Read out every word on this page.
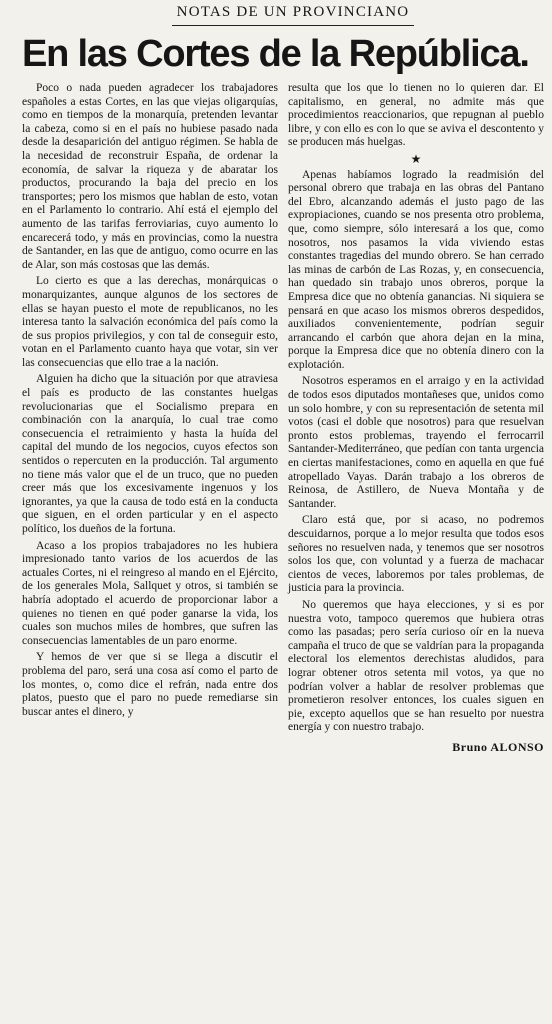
NOTAS DE UN PROVINCIANO
En las Cortes de la República.

Poco o nada pueden agradecer los trabajadores españoles a estas Cortes, en las que viejas oligarquías, como en tiempos de la monarquía, pretenden levantar la cabeza, como si en el país no hubiese pasado nada desde la desaparición del antiguo régimen. Se habla de la necesidad de reconstruir España, de ordenar la economía, de salvar la riqueza y de abaratar los productos, procurando la baja del precio en los transportes; pero los mismos que hablan de esto, votan en el Parlamento lo contrario. Ahí está el ejemplo del aumento de las tarifas ferroviarias, cuyo aumento lo encarecerá todo, y más en provincias, como la nuestra de Santander, en las que de antiguo, como ocurre en las de Alar, son más costosas que las demás.

Lo cierto es que a las derechas, monárquicas o monarquizantes, aunque algunos de los sectores de ellas se hayan puesto el mote de republicanos, no les interesa tanto la salvación económica del país como la de sus propios privilegios, y con tal de conseguir esto, votan en el Parlamento cuanto haya que votar, sin ver las consecuencias que ello trae a la nación.

Alguien ha dicho que la situación por que atraviesa el país es producto de las constantes huelgas revolucionarias que el Socialismo prepara en combinación con la anarquía, lo cual trae como consecuencia el retraimiento y hasta la huída del capital del mundo de los negocios, cuyos efectos son sentidos o repercuten en la producción. Tal argumento no tiene más valor que el de un truco, que no pueden creer más que los excesivamente ingenuos y los ignorantes, ya que la causa de todo está en la conducta que siguen, en el orden particular y en el aspecto político, los dueños de la fortuna.

Acaso a los propios trabajadores no les hubiera impresionado tanto varios de los acuerdos de las actuales Cortes, ni el reingreso al mando en el Ejército, de los generales Mola, Sallquet y otros, si también se habría adoptado el acuerdo de proporcionar labor a quienes no tienen en qué poder ganarse la vida, los cuales son muchos miles de hombres, que sufren las consecuencias lamentables de un paro enorme.

Y hemos de ver que si se llega a discutir el problema del paro, será una cosa así como el parto de los montes, o, como dice el refrán, nada entre dos platos, puesto que el paro no puede remediarse sin buscar antes el dinero, y

resulta que los que lo tienen no lo quieren dar. El capitalismo, en general, no admite más que procedimientos reaccionarios, que repugnan al pueblo libre, y con ello es con lo que se aviva el descontento y se producen más huelgas.

★

Apenas habíamos logrado la readmisión del personal obrero que trabaja en las obras del Pantano del Ebro, alcanzando además el justo pago de las expropiaciones, cuando se nos presenta otro problema, que, como siempre, sólo interesará a los que, como nosotros, nos pasamos la vida viviendo estas constantes tragedias del mundo obrero. Se han cerrado las minas de carbón de Las Rozas, y, en consecuencia, han quedado sin trabajo unos obreros, porque la Empresa dice que no obtenía ganancias. Ni siquiera se pensará en que acaso los mismos obreros despedidos, auxiliados convenientemente, podrían seguir arrancando el carbón que ahora dejan en la mina, porque la Empresa dice que no obtenía dinero con la explotación.

Nosotros esperamos en el arraigo y en la actividad de todos esos diputados montañeses que, unidos como un solo hombre, y con su representación de setenta mil votos (casi el doble que nosotros) para que resuelvan pronto estos problemas, trayendo el ferrocarril Santander-Mediterráneo, que pedían con tanta urgencia en ciertas manifestaciones, como en aquella en que fué atropellado Vayas. Darán trabajo a los obreros de Reinosa, de Astillero, de Nueva Montaña y de Santander.

Claro está que, por si acaso, no podremos descuidarnos, porque a lo mejor resulta que todos esos señores no resuelven nada, y tenemos que ser nosotros solos los que, con voluntad y a fuerza de machacar cientos de veces, laboremos por tales problemas, de justicia para la provincia.

No queremos que haya elecciones, y si es por nuestra voto, tampoco queremos que hubiera otras como las pasadas; pero sería curioso oír en la nueva campaña el truco de que se valdrían para la propaganda electoral los elementos derechistas aludidos, para lograr obtener otros setenta mil votos, ya que no podrían volver a hablar de resolver problemas que prometieron resolver entonces, los cuales siguen en pie, excepto aquellos que se han resuelto por nuestra energía y con nuestro trabajo.

Bruno ALONSO
